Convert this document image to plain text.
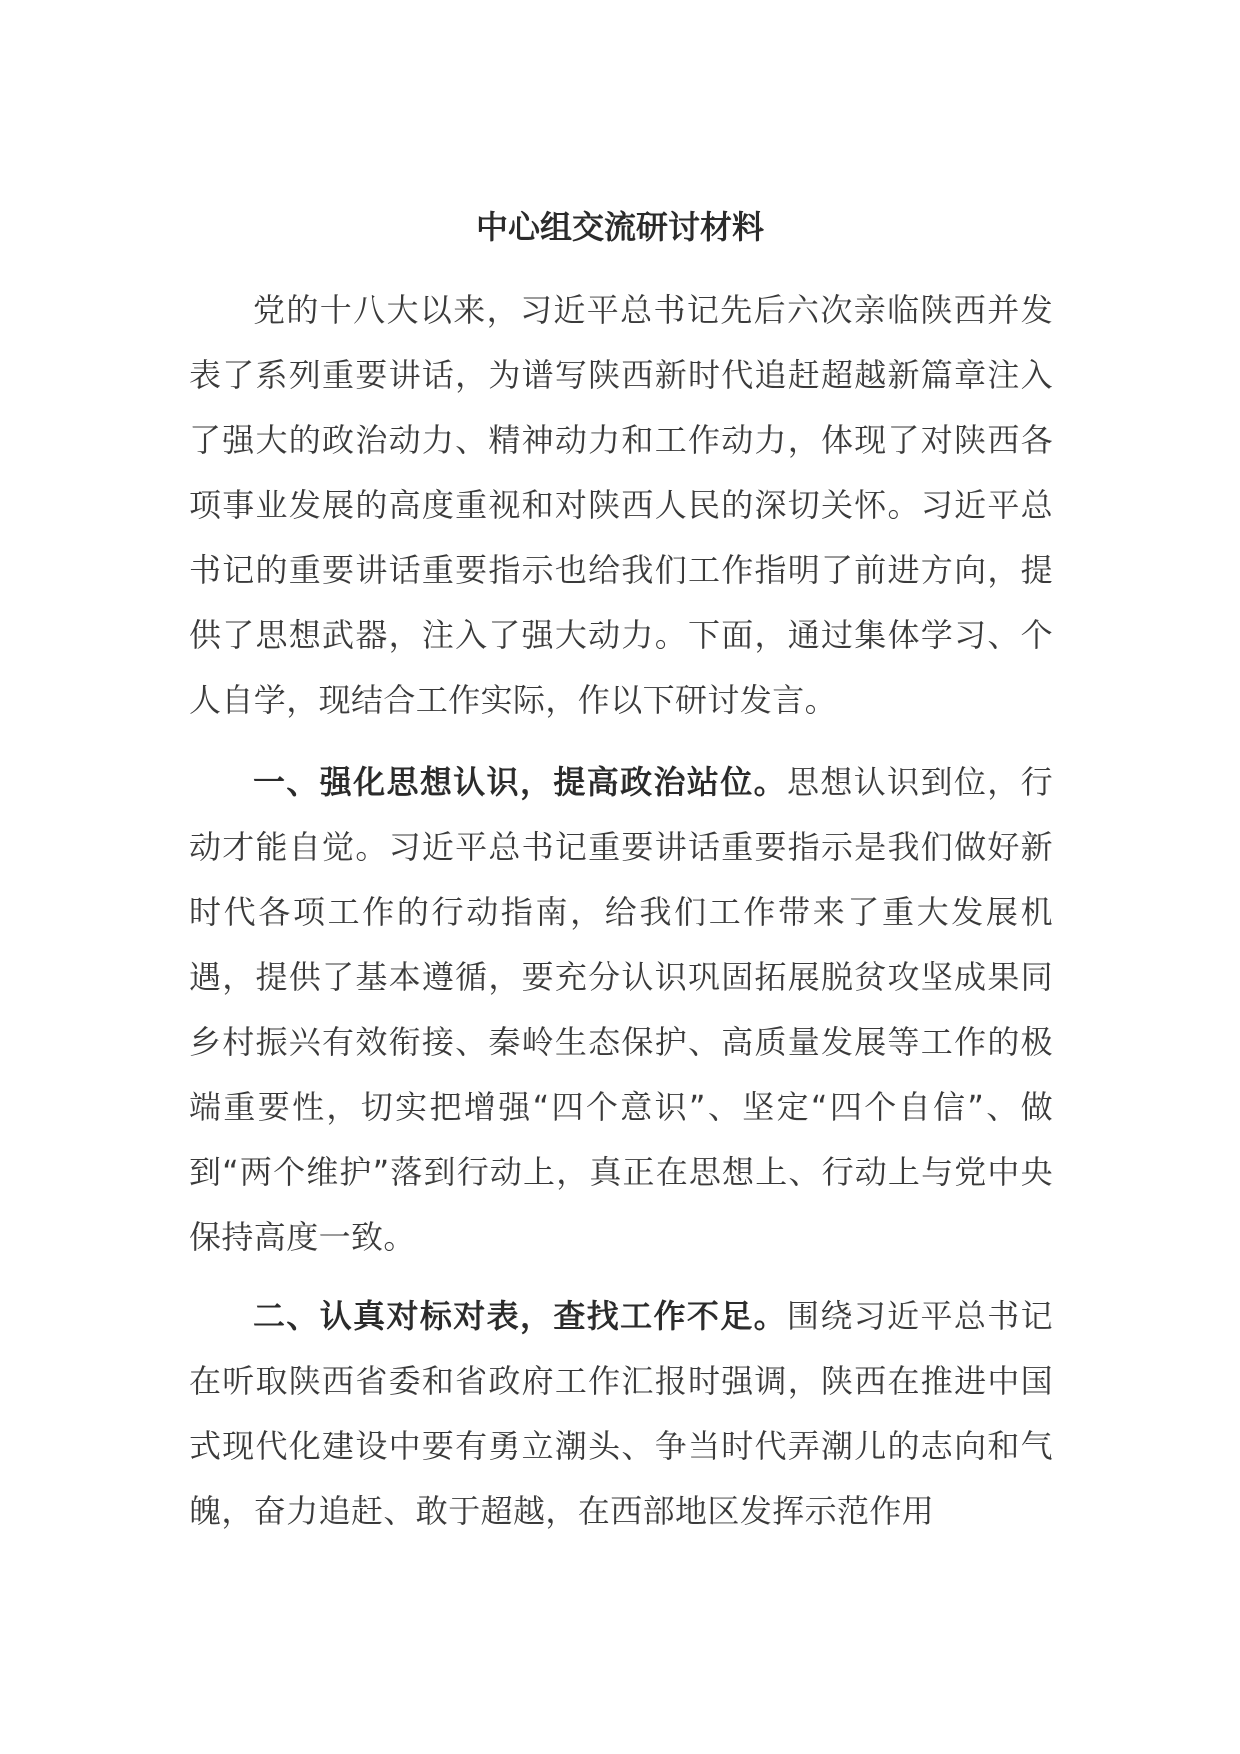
中心组交流研讨材料

党的十八大以来，习近平总书记先后六次亲临陕西并发表了系列重要讲话，为谱写陕西新时代追赶超越新篇章注入了强大的政治动力、精神动力和工作动力，体现了对陕西各项事业发展的高度重视和对陕西人民的深切关怀。习近平总书记的重要讲话重要指示也给我们工作指明了前进方向，提供了思想武器，注入了强大动力。下面，通过集体学习、个人自学，现结合工作实际，作以下研讨发言。

一、强化思想认识，提高政治站位。思想认识到位，行动才能自觉。习近平总书记重要讲话重要指示是我们做好新时代各项工作的行动指南，给我们工作带来了重大发展机遇，提供了基本遵循，要充分认识巩固拓展脱贫攻坚成果同乡村振兴有效衔接、秦岭生态保护、高质量发展等工作的极端重要性，切实把增强“四个意识”、坚定“四个自信”、做到“两个维护”落到行动上，真正在思想上、行动上与党中央保持高度一致。

二、认真对标对表，查找工作不足。围绕习近平总书记在听取陕西省委和省政府工作汇报时强调，陕西在推进中国式现代化建设中要有勇立潮头、争当时代弄潮儿的志向和气魄，奋力追赶、敢于超越，在西部地区发挥示范作用
